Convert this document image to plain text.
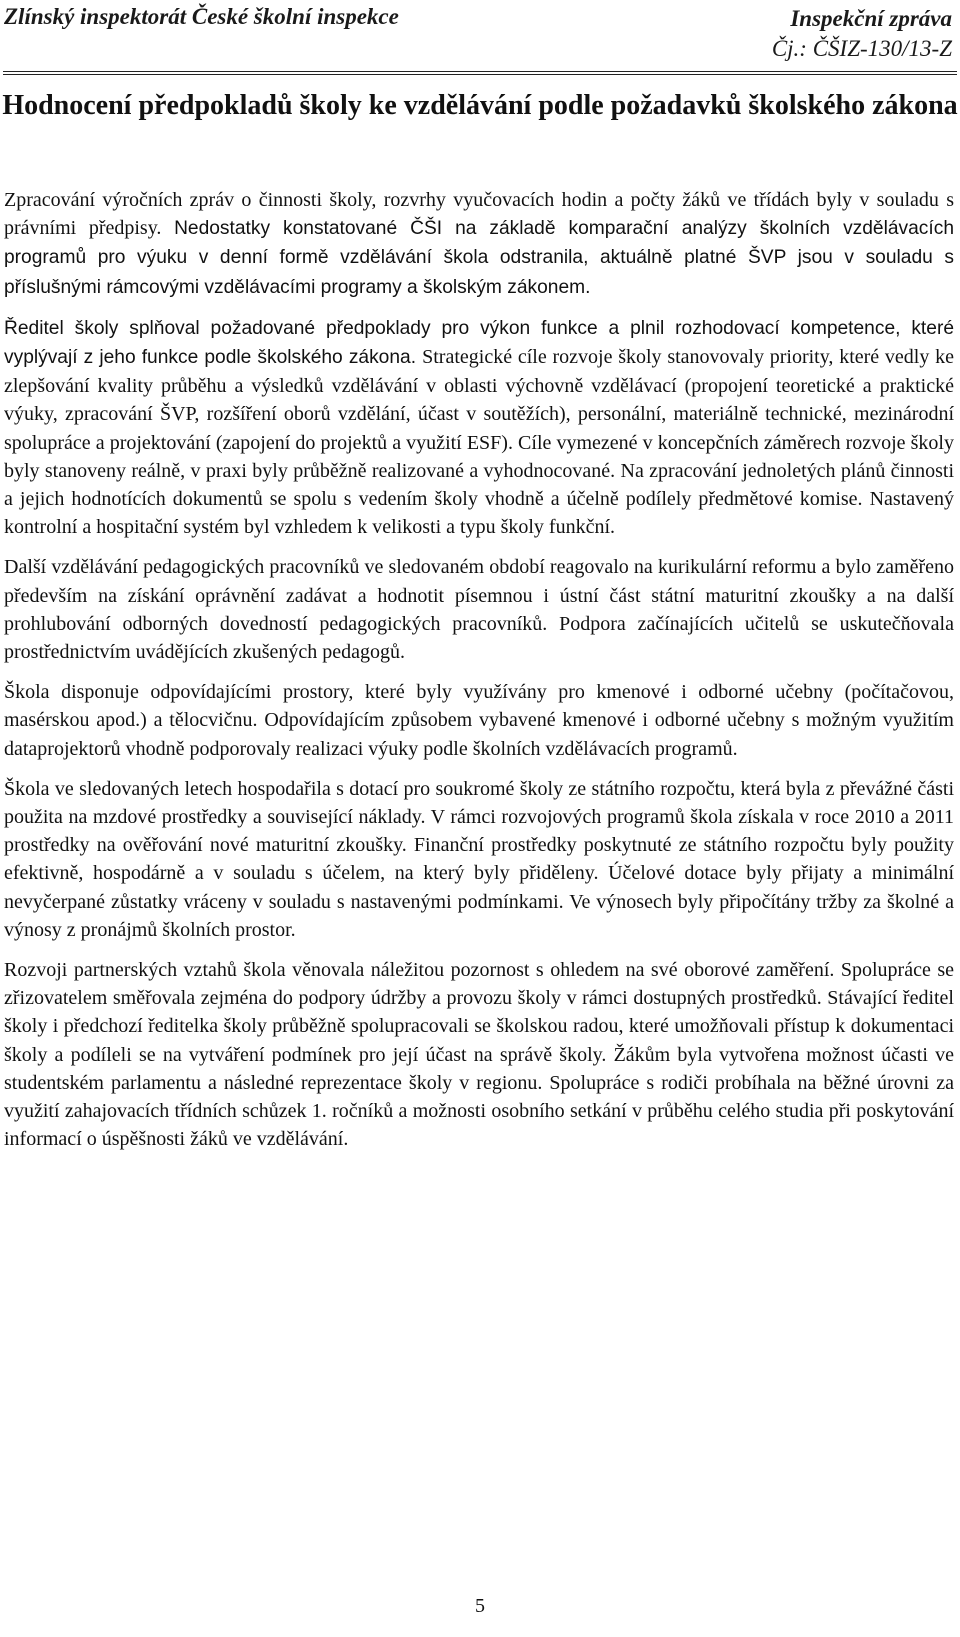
Zlínský inspektorát České školní inspekce	Inspekční zpráva
Čj.: ČŠIZ-130/13-Z
Hodnocení předpokladů školy ke vzdělávání podle požadavků školského zákona

Zpracování výročních zpráv o činnosti školy, rozvrhy vyučovacích hodin a počty žáků ve třídách byly v souladu s právními předpisy. Nedostatky konstatované ČŠI na základě komparační analýzy školních vzdělávacích programů pro výuku v denní formě vzdělávání škola odstranila, aktuálně platné ŠVP jsou v souladu s příslušnými rámcovými vzdělávacími programy a školským zákonem.

Ředitel školy splňoval požadované předpoklady pro výkon funkce a plnil rozhodovací kompetence, které vyplývají z jeho funkce podle školského zákona. Strategické cíle rozvoje školy stanovovaly priority, které vedly ke zlepšování kvality průběhu a výsledků vzdělávání v oblasti výchovně vzdělávací (propojení teoretické a praktické výuky, zpracování ŠVP, rozšíření oborů vzdělání, účast v soutěžích), personální, materiálně technické, mezinárodní spolupráce a projektování (zapojení do projektů a využití ESF). Cíle vymezené v koncepčních záměrech rozvoje školy byly stanoveny reálně, v praxi byly průběžně realizované a vyhodnocované. Na zpracování jednoletých plánů činnosti a jejich hodnotících dokumentů se spolu s vedením školy vhodně a účelně podílely předmětové komise. Nastavený kontrolní a hospitační systém byl vzhledem k velikosti a typu školy funkční.

Další vzdělávání pedagogických pracovníků ve sledovaném období reagovalo na kurikulární reformu a bylo zaměřeno především na získání oprávnění zadávat a hodnotit písemnou i ústní část státní maturitní zkoušky a na další prohlubování odborných dovedností pedagogických pracovníků. Podpora začínajících učitelů se uskutečňovala prostřednictvím uvádějících zkušených pedagogů.

Škola disponuje odpovídajícími prostory, které byly využívány pro kmenové i odborné učebny (počítačovou, masérskou apod.) a tělocvičnu. Odpovídajícím způsobem vybavené kmenové i odborné učebny s možným využitím dataprojektorů vhodně podporovaly realizaci výuky podle školních vzdělávacích programů.

Škola ve sledovaných letech hospodařila s dotací pro soukromé školy ze státního rozpočtu, která byla z převážné části použita na mzdové prostředky a související náklady. V rámci rozvojových programů škola získala v roce 2010 a 2011 prostředky na ověřování nové maturitní zkoušky. Finanční prostředky poskytnuté ze státního rozpočtu byly použity efektivně, hospodárně a v souladu s účelem, na který byly přiděleny. Účelové dotace byly přijaty a minimální nevyčerpané zůstatky vráceny v souladu s nastavenými podmínkami. Ve výnosech byly připočítány tržby za školné a výnosy z pronájmů školních prostor.

Rozvoji partnerských vztahů škola věnovala náležitou pozornost s ohledem na své oborové zaměření. Spolupráce se zřizovatelem směřovala zejména do podpory údržby a provozu školy v rámci dostupných prostředků. Stávající ředitel školy i předchozí ředitelka školy průběžně spolupracovali se školskou radou, které umožňovali přístup k dokumentaci školy a podíleli se na vytváření podmínek pro její účast na správě školy. Žákům byla vytvořena možnost účasti ve studentském parlamentu a následné reprezentace školy v regionu. Spolupráce s rodiči probíhala na běžné úrovni za využití zahajovacích třídních schůzek 1. ročníků a možnosti osobního setkání v průběhu celého studia při poskytování informací o úspěšnosti žáků ve vzdělávání.

5
